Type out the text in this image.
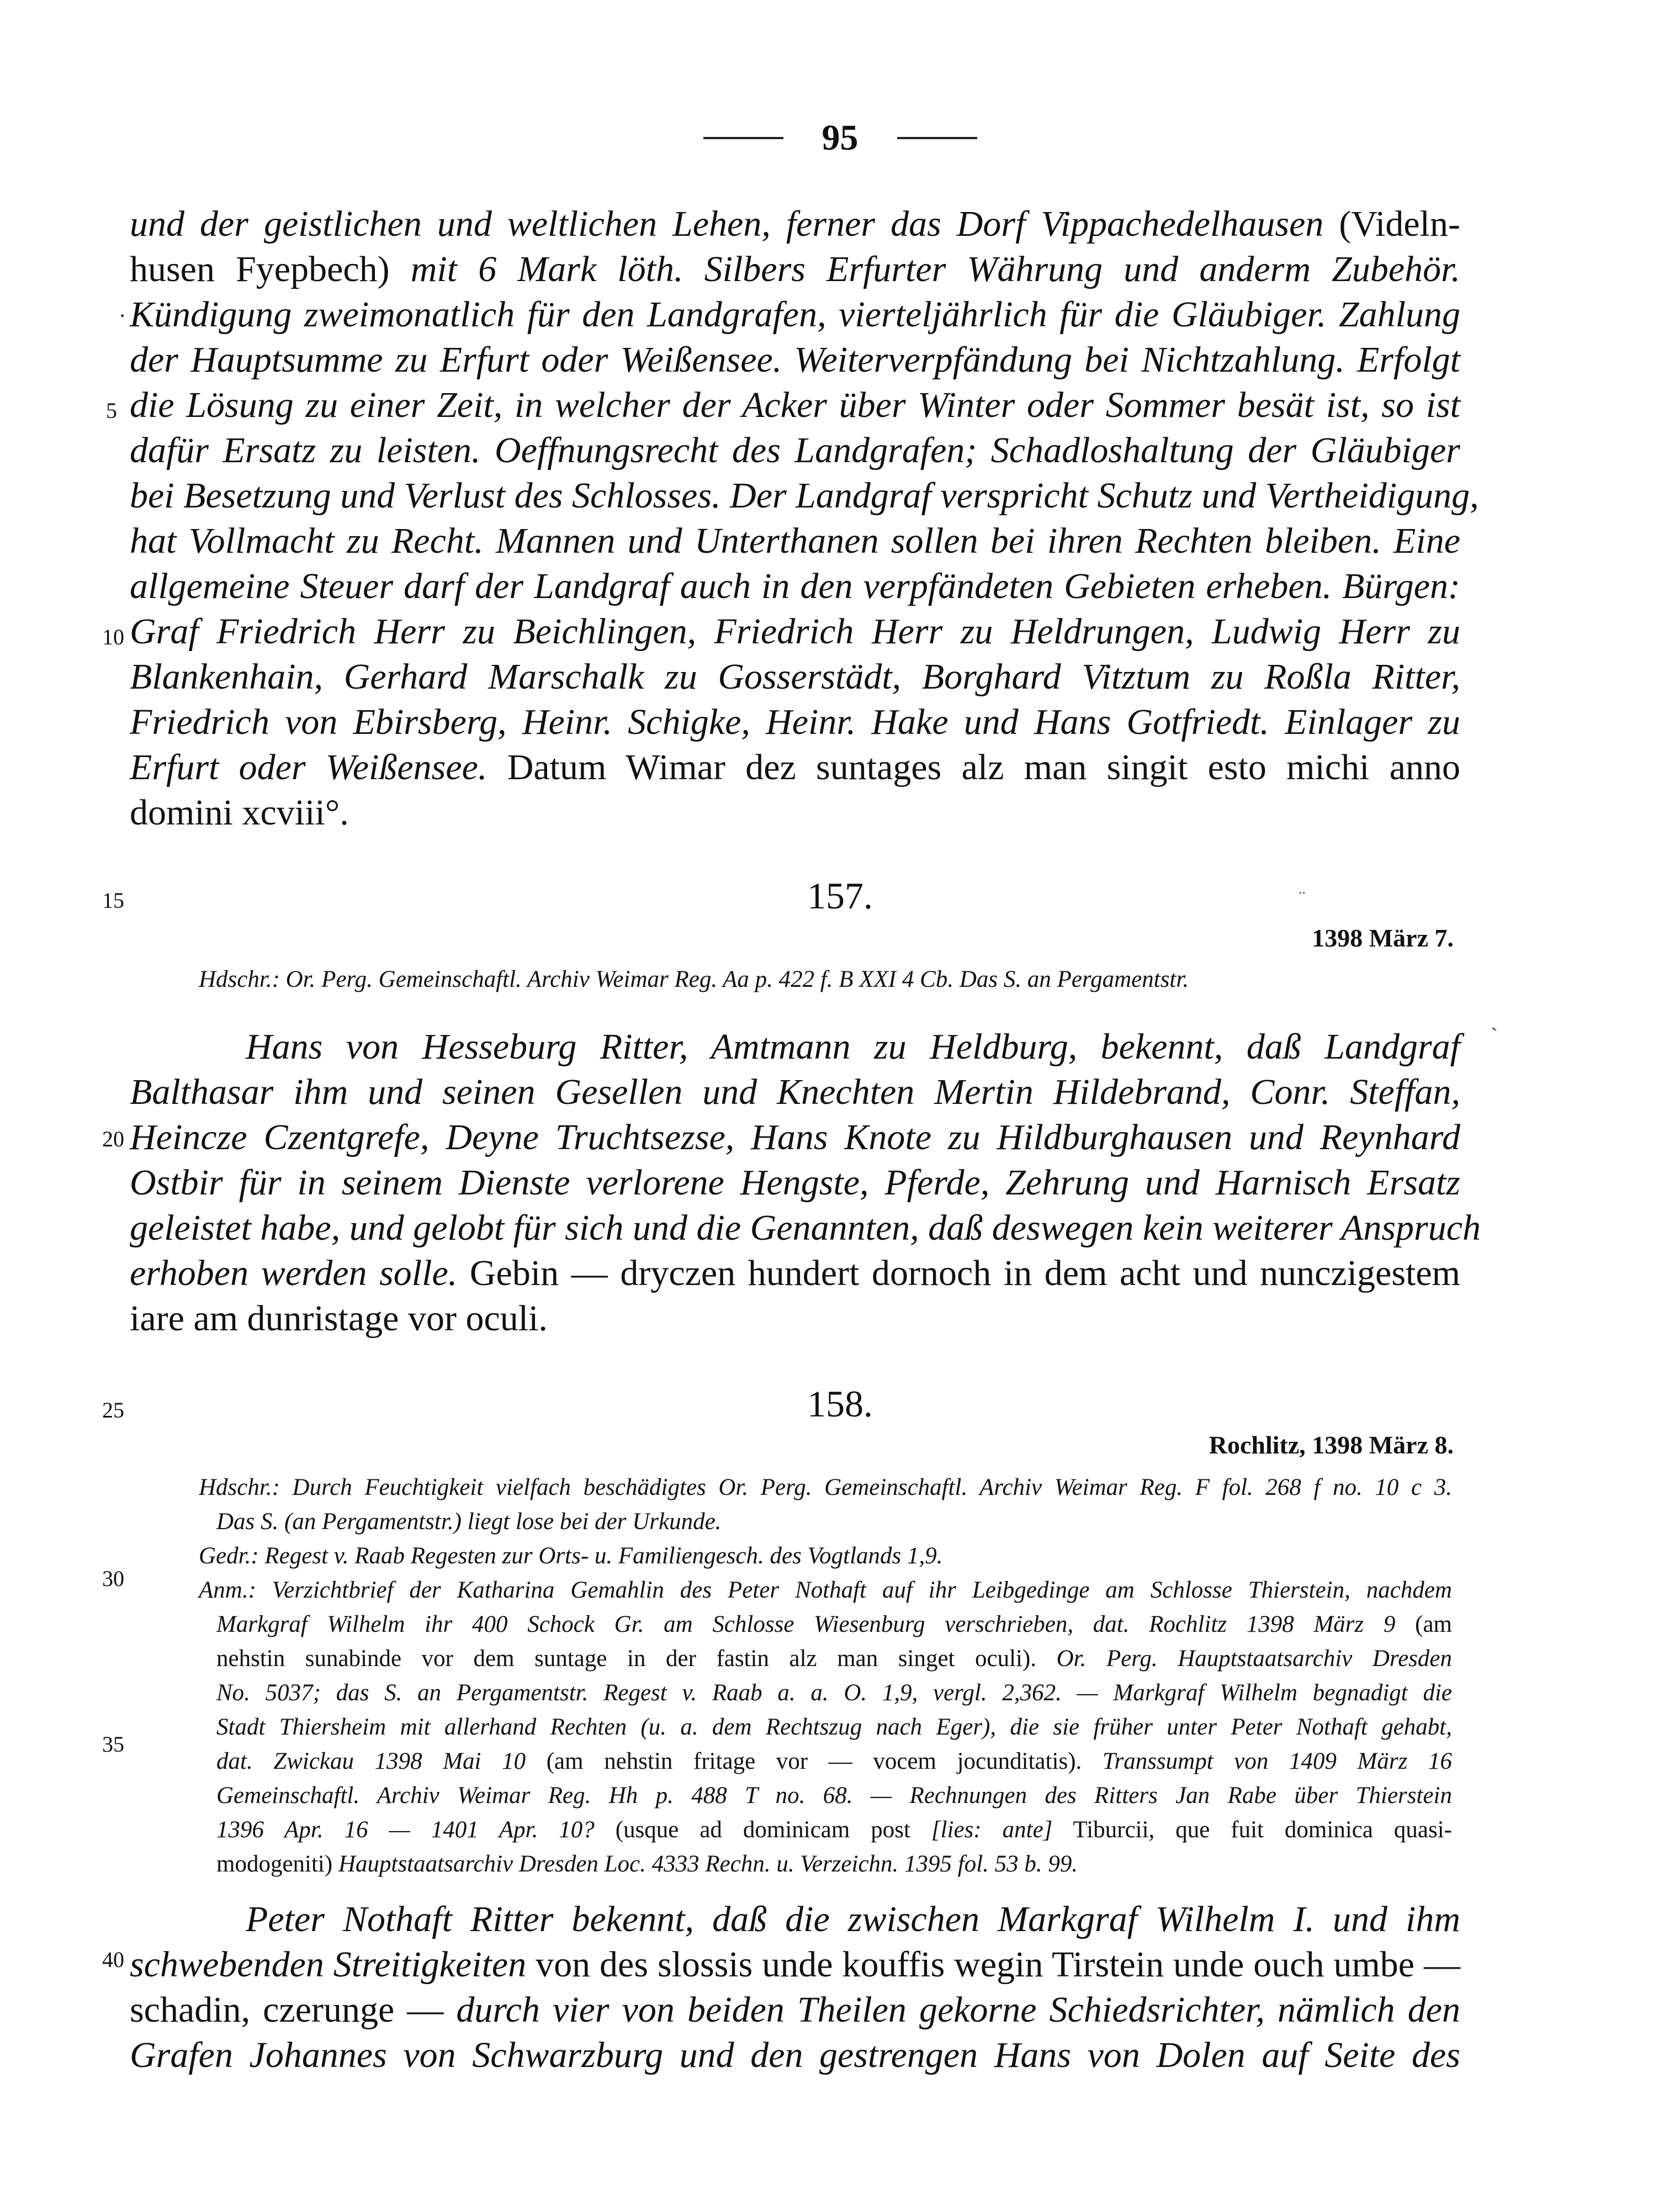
95
·
5
10
15
20
25
30
35
40
und der geistlichen und weltlichen Lehen, ferner das Dorf Vippachedelhausen (Videln-
husen Fyepbech) mit 6 Mark löth. Silbers Erfurter Währung und anderm Zubehör.
Kündigung zweimonatlich für den Landgrafen, vierteljährlich für die Gläubiger. Zahlung
der Hauptsumme zu Erfurt oder Weißensee. Weiterverpfändung bei Nichtzahlung. Erfolgt
die Lösung zu einer Zeit, in welcher der Acker über Winter oder Sommer besät ist, so ist
dafür Ersatz zu leisten. Oeffnungsrecht des Landgrafen; Schadloshaltung der Gläubiger
bei Besetzung und Verlust des Schlosses. Der Landgraf verspricht Schutz und Vertheidigung,
hat Vollmacht zu Recht. Mannen und Unterthanen sollen bei ihren Rechten bleiben. Eine
allgemeine Steuer darf der Landgraf auch in den verpfändeten Gebieten erheben. Bürgen:
Graf Friedrich Herr zu Beichlingen, Friedrich Herr zu Heldrungen, Ludwig Herr zu
Blankenhain, Gerhard Marschalk zu Gosserstädt, Borghard Vitztum zu Roßla Ritter,
Friedrich von Ebirsberg, Heinr. Schigke, Heinr. Hake und Hans Gotfriedt. Einlager zu
Erfurt oder Weißensee. Datum Wimar dez suntages alz man singit esto michi anno
domini xcviii°.
157.	..
1398 März 7.
Hdschr.: Or. Perg. Gemeinschaftl. Archiv Weimar Reg. Aa p. 422 f. B XXI 4 Cb. Das S. an Pergamentstr.
`
Hans von Hesseburg Ritter, Amtmann zu Heldburg, bekennt, daß Landgraf
Balthasar ihm und seinen Gesellen und Knechten Mertin Hildebrand, Conr. Steffan,
Heincze Czentgrefe, Deyne Truchtsezse, Hans Knote zu Hildburghausen und Reynhard
Ostbir für in seinem Dienste verlorene Hengste, Pferde, Zehrung und Harnisch Ersatz
geleistet habe, und gelobt für sich und die Genannten, daß deswegen kein weiterer Anspruch
erhoben werden solle. Gebin — dryczen hundert dornoch in dem acht und nunczigestem
iare am dunristage vor oculi.
158.
Rochlitz, 1398 März 8.
Hdschr.: Durch Feuchtigkeit vielfach beschädigtes Or. Perg. Gemeinschaftl. Archiv Weimar Reg. F fol. 268 f no. 10 c 3.
Das S. (an Pergamentstr.) liegt lose bei der Urkunde.
Gedr.: Regest v. Raab Regesten zur Orts- u. Familiengesch. des Vogtlands 1,9.
Anm.: Verzichtbrief der Katharina Gemahlin des Peter Nothaft auf ihr Leibgedinge am Schlosse Thierstein, nachdem
Markgraf Wilhelm ihr 400 Schock Gr. am Schlosse Wiesenburg verschrieben, dat. Rochlitz 1398 März 9 (am
nehstin sunabinde vor dem suntage in der fastin alz man singet oculi). Or. Perg. Hauptstaatsarchiv Dresden
No. 5037; das S. an Pergamentstr. Regest v. Raab a. a. O. 1,9, vergl. 2,362. — Markgraf Wilhelm begnadigt die
Stadt Thiersheim mit allerhand Rechten (u. a. dem Rechtszug nach Eger), die sie früher unter Peter Nothaft gehabt,
dat. Zwickau 1398 Mai 10 (am nehstin fritage vor — vocem jocunditatis). Transsumpt von 1409 März 16
Gemeinschaftl. Archiv Weimar Reg. Hh p. 488 T no. 68. — Rechnungen des Ritters Jan Rabe über Thierstein
1396 Apr. 16 — 1401 Apr. 10? (usque ad dominicam post [lies: ante] Tiburcii, que fuit dominica quasi-
modogeniti) Hauptstaatsarchiv Dresden Loc. 4333 Rechn. u. Verzeichn. 1395 fol. 53 b. 99.
Peter Nothaft Ritter bekennt, daß die zwischen Markgraf Wilhelm I. und ihm
schwebenden Streitigkeiten von des slossis unde kouffis wegin Tirstein unde ouch umbe —
schadin, czerunge — durch vier von beiden Theilen gekorne Schiedsrichter, nämlich den
Grafen Johannes von Schwarzburg und den gestrengen Hans von Dolen auf Seite des
